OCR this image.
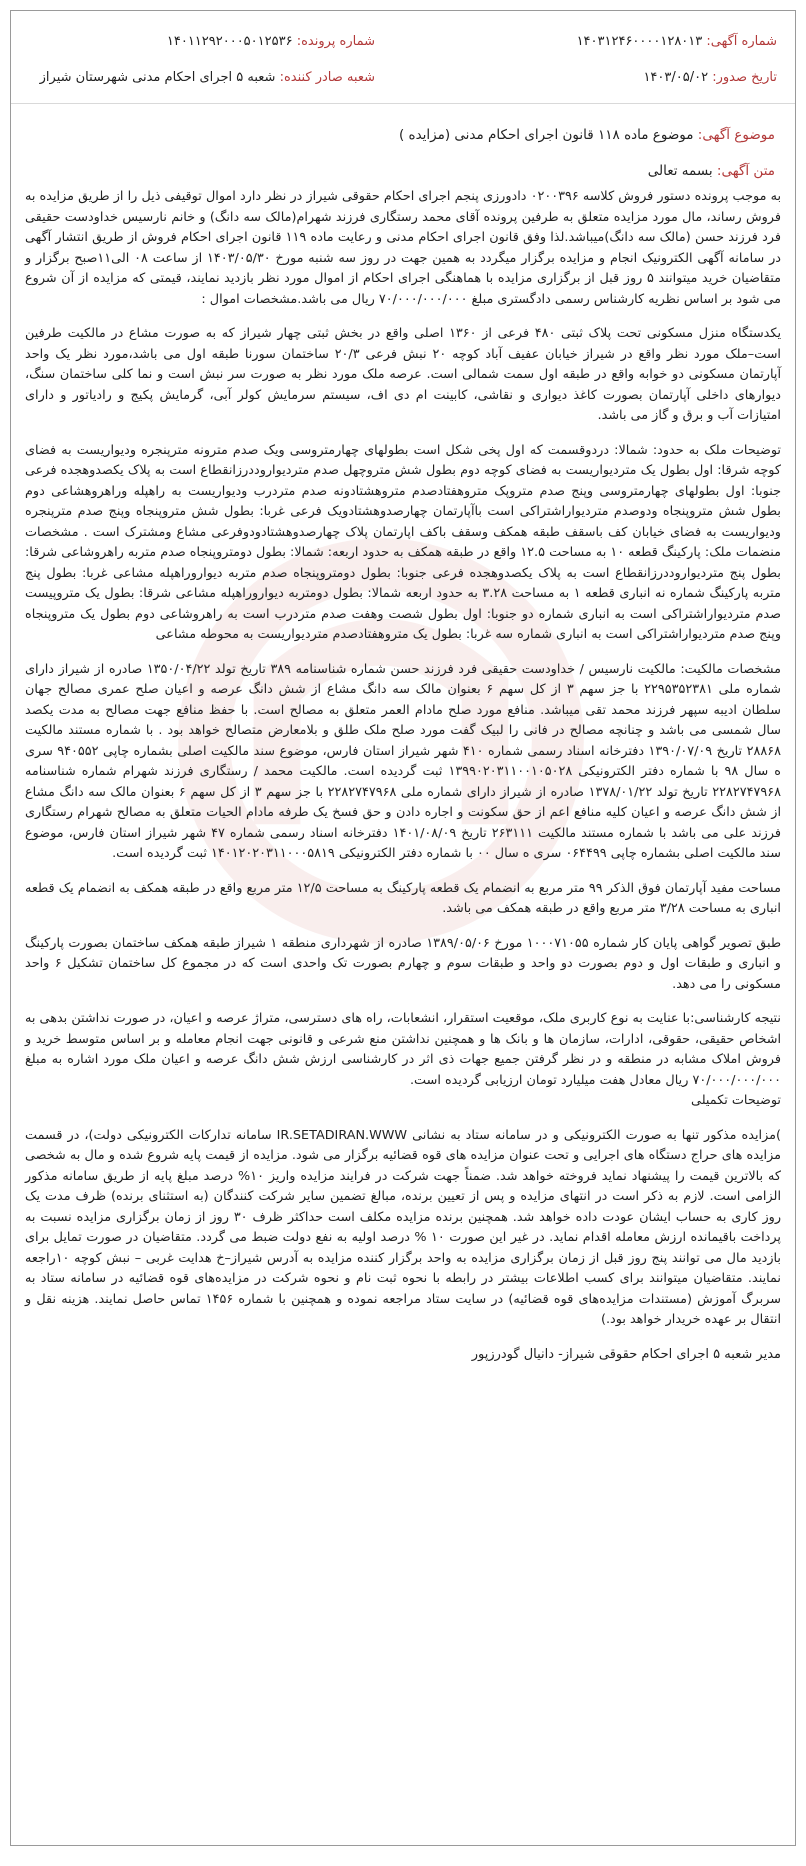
شماره آگهی: ۱۴۰۳۱۲۴۶۰۰۰۰۱۲۸۰۱۳
شماره پرونده: ۱۴۰۱۱۲۹۲۰۰۰۵۰۱۲۵۳۶
تاریخ صدور: ۱۴۰۳/۰۵/۰۲
شعبه صادر کننده: شعبه ۵ اجرای احکام مدنی شهرستان شیراز
موضوع آگهی: موضوع ماده ۱۱۸ قانون اجرای احکام مدنی (مزایده )
متن آگهی: بسمه تعالی

به موجب پرونده دستور فروش کلاسه ۰۲۰۰۳۹۶ دادورزی پنجم اجرای احکام حقوقی شیراز در نظر دارد اموال توقیفی ذیل را از طریق مزایده به فروش رساند، مال مورد مزایده متعلق به طرفین پرونده آقای محمد رستگاری فرزند شهرام(مالک سه دانگ) و خانم نارسیس خداودست حقیقی فرد فرزند حسن (مالک سه دانگ)میباشد.لذا وفق قانون اجرای احکام مدنی و رعایت ماده ۱۱۹ قانون اجرای احکام فروش از طریق انتشار آگهی در سامانه آگهی الکترونیک انجام و مزایده برگزار میگردد به همین جهت در روز سه شنبه مورخ ۱۴۰۳/۰۵/۳۰ از ساعت ۰۸ الی۱۱صبح برگزار و متقاضیان خرید میتوانند ۵ روز قبل از برگزاری مزایده با هماهنگی اجرای احکام از اموال مورد نظر بازدید نمایند، قیمتی که مزایده از آن شروع می شود بر اساس نظریه کارشناس رسمی دادگستری مبلغ ۷۰/۰۰۰/۰۰۰/۰۰۰ ریال می باشد.مشخصات اموال :

یکدستگاه منزل مسکونی تحت پلاک ثبتی ۴۸۰ فرعی از ۱۳۶۰ اصلی واقع در بخش ثبتی چهار شیراز که به صورت مشاع در مالکیت طرفین است–ملک مورد نظر واقع در شیراز خیابان عفیف آباد کوچه ۲۰ نبش فرعی ۲۰/۳ ساختمان سورنا طبقه اول می باشد،مورد نظر یک واحد آپارتمان مسکونی دو خوابه واقع در طبقه اول سمت شمالی است. عرصه ملک مورد نظر به صورت سر نبش است و نما کلی ساختمان سنگ، دیوارهای داخلی آپارتمان بصورت کاغذ دیواری و نقاشی، کابینت ام دی اف، سیستم سرمایش کولر آبی، گرمایش پکیج و رادیاتور و دارای امتیازات آب و برق و گاز می باشد.

توضیحات ملک به حدود: شمالا: دردوقسمت که اول پخی شکل است بطولهای چهارمتروسی ویک صدم مترونه مترپنجره ودیواریست به فضای کوچه شرقا: اول بطول یک متردیواریست به فضای کوچه دوم بطول شش متروچهل صدم متردیواروددرزانقطاع است به پلاک یکصدوهجده فرعی جنوبا: اول بطولهای چهارمتروسی وپنج صدم متروپک متروهفتادصدم متروهشتادونه صدم متردرب ودیواریست به راهپله وراهروهشاعی دوم بطول شش متروپنجاه ودوصدم متردیواراشتراکی است باآپارتمان چهارصدوهشتادویک فرعی غربا: بطول شش متروپنجاه وپنج صدم مترپنجره ودیواریست به فضای خیابان کف باسقف طبقه همکف وسقف باکف اپارتمان پلاک چهارصدوهشتادودوفرعی مشاع ومشترک است . مشخصات منضمات ملک: پارکینگ قطعه ۱۰ به مساحت ۱۲.۵ واقع در طبقه همکف به حدود اربعه: شمالا: بطول دومتروپنجاه صدم متربه راهروشاعی شرقا: بطول پنج متردیواروددرزانقطاع است به پلاک یکصدوهجده فرعی جنوبا: بطول دومتروپنجاه صدم متربه دیواروراهپله مشاعی غربا: بطول پنج متربه پارکینگ شماره نه انباری قطعه ۱ به مساحت ۳.۲۸ به حدود اربعه شمالا: بطول دومتربه دیواروراهپله مشاعی شرقا: بطول یک متروپیست صدم متردیواراشتراکی است به انباری شماره دو جنوبا: اول بطول شصت وهفت صدم متردرب است به راهروشاعی دوم بطول یک متروپنجاه وپنج صدم متردیواراشتراکی است به انباری شماره سه غربا: بطول یک متروهفتادصدم متردیواریست به محوطه مشاعی

مشخصات مالکیت: مالکیت نارسیس / خداودست حقیقی فرد فرزند حسن شماره شناسنامه ۳۸۹ تاریخ تولد ۱۳۵۰/۰۴/۲۲ صادره از شیراز دارای شماره ملی ۲۲۹۵۳۵۲۳۸۱ با جز سهم ۳ از کل سهم ۶ بعنوان مالک سه دانگ مشاع از شش دانگ عرصه و اعیان صلح عمری مصالح جهان سلطان ادیبه سپهر فرزند محمد تقی میباشد. منافع مورد صلح مادام العمر متعلق به مصالح است. با حفظ منافع جهت مصالح به مدت یکصد سال شمسی می باشد و چنانچه مصالح در فانی را لبیک گفت مورد صلح ملک طلق و بلامعارض متصالح خواهد بود . با شماره مستند مالکیت ۲۸۸۶۸ تاریخ ۱۳۹۰/۰۷/۰۹ دفترخانه اسناد رسمی شماره ۴۱۰ شهر شیراز استان فارس، موضوع سند مالکیت اصلی بشماره چاپی ۹۴۰۵۵۲ سری ه سال ۹۸ با شماره دفتر الکترونیکی ۱۳۹۹۰۲۰۳۱۱۰۰۱۰۵۰۲۸ ثبت گردیده است. مالکیت محمد / رستگاری فرزند شهرام شماره شناسنامه ۲۲۸۲۷۴۷۹۶۸ تاریخ تولد ۱۳۷۸/۰۱/۲۲ صادره از شیراز دارای شماره ملی ۲۲۸۲۷۴۷۹۶۸ با جز سهم ۳ از کل سهم ۶ بعنوان مالک سه دانگ مشاع از شش دانگ عرصه و اعیان کلیه منافع اعم از حق سکونت و اجاره دادن و حق فسخ یک طرفه مادام الحیات متعلق به مصالح شهرام رستگاری فرزند علی می باشد با شماره مستند مالکیت ۲۶۳۱۱۱ تاریخ ۱۴۰۱/۰۸/۰۹ دفترخانه اسناد رسمی شماره ۴۷ شهر شیراز استان فارس، موضوع سند مالکیت اصلی بشماره چاپی ۰۶۴۴۹۹ سری ه سال ۰۰ با شماره دفتر الکترونیکی ۱۴۰۱۲۰۲۰۳۱۱۰۰۰۵۸۱۹ ثبت گردیده است.

مساحت مفید آپارتمان فوق الذکر ۹۹ متر مربع به انضمام یک قطعه پارکینگ به مساحت ۱۲/۵ متر مربع واقع در طبقه همکف به انضمام یک قطعه انباری به مساحت ۳/۲۸ متر مربع واقع در طبقه همکف می باشد.

طبق تصویر گواهی پایان کار شماره ۱۰۰۰۷۱۰۵۵ مورخ ۱۳۸۹/۰۵/۰۶ صادره از شهرداری منطقه ۱ شیراز طبقه همکف ساختمان بصورت پارکینگ و انباری و طبقات اول و دوم بصورت دو واحد و طبقات سوم و چهارم بصورت تک واحدی است که در مجموع کل ساختمان تشکیل ۶ واحد مسکونی را می دهد.

نتیجه کارشناسی:با عنایت به نوع کاربری ملک، موقعیت استقرار، انشعابات، راه های دسترسی، متراژ عرصه و اعیان، در صورت نداشتن بدهی به اشخاص حقیقی، حقوقی، ادارات، سازمان ها و بانک ها و همچنین نداشتن منع شرعی و قانونی جهت انجام معامله و بر اساس متوسط خرید و فروش املاک مشابه در منطقه و در نظر گرفتن جمیع جهات ذی اثر در کارشناسی ارزش شش دانگ عرصه و اعیان ملک مورد اشاره به مبلغ ۷۰/۰۰۰/۰۰۰/۰۰۰ ریال معادل هفت میلیارد تومان ارزیابی گردیده است.

توضیحات تکمیلی

)مزایده مذکور تنها به صورت الکترونیکی و در سامانه ستاد به نشانی IR.SETADIRAN.WWW سامانه تدارکات الکترونیکی دولت)، در قسمت مزایده های حراج دستگاه های اجرایی و تحت عنوان مزایده های قوه قضائیه برگزار می شود. مزایده از قیمت پایه شروع شده و مال به شخصی که بالاترین قیمت را پیشنهاد نماید فروخته خواهد شد. ضمناً جهت شرکت در فرایند مزایده واریز ۱۰% درصد مبلغ پایه از طریق سامانه مذکور الزامی است. لازم به ذکر است در انتهای مزایده و پس از تعیین برنده، مبالغ تضمین سایر شرکت کنندگان (به استثنای برنده) ظرف مدت یک روز کاری به حساب ایشان عودت داده خواهد شد. همچنین برنده مزایده مکلف است حداکثر ظرف ۳۰ روز از زمان برگزاری مزایده نسبت به پرداخت باقیمانده ارزش معامله اقدام نماید. در غیر این صورت ۱۰ % درصد اولیه به نفع دولت ضبط می گردد. متقاضیان در صورت تمایل برای بازدید مال می توانند پنج روز قبل از زمان برگزاری مزایده به واحد برگزار کننده مزایده به آدرس شیراز–خ هدایت غربی – نبش کوچه ۱۰راجعه نمایند. متقاضیان میتوانند برای کسب اطلاعات بیشتر در رابطه با نحوه ثبت نام و نحوه شرکت در مزایده‌های قوه قضائیه در سامانه ستاد به سربرگ آموزش (مستندات مزایده‌های قوه قضائیه) در سایت ستاد مراجعه نموده و همچنین با شماره ۱۴۵۶ تماس حاصل نمایند. هزینه نقل و انتقال بر عهده خریدار خواهد بود.)

مدیر شعبه ۵ اجرای احکام حقوقی شیراز- دانیال گودرزپور
